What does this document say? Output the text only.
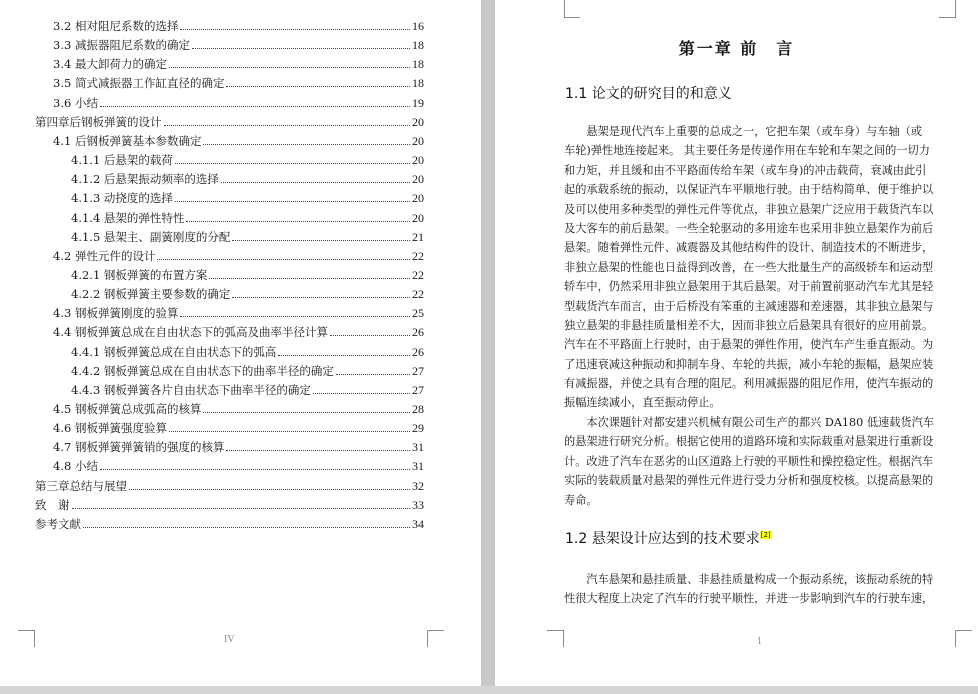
3.2 相对阻尼系数的选择	16
3.3 减振器阻尼系数的确定	18
3.4 最大卸荷力的确定	18
3.5 简式减振器工作缸直径的确定	18
3.6 小结	19
第四章后钢板弹簧的设计	20
4.1 后钢板弹簧基本参数确定	20
4.1.1 后悬架的载荷	20
4.1.2 后悬架振动频率的选择	20
4.1.3 动挠度的选择	20
4.1.4 悬架的弹性特性	20
4.1.5 悬架主、副簧刚度的分配	21
4.2 弹性元件的设计	22
4.2.1 钢板弹簧的布置方案	22
4.2.2 钢板弹簧主要参数的确定	22
4.3 钢板弹簧刚度的验算	25
4.4 钢板弹簧总成在自由状态下的弧高及曲率半径计算	26
4.4.1 钢板弹簧总成在自由状态下的弧高	26
4.4.2 钢板弹簧总成在自由状态下的曲率半径的确定	27
4.4.3 钢板弹簧各片自由状态下曲率半径的确定	27
4.5 钢板弹簧总成弧高的核算	28
4.6 钢板弹簧强度验算	29
4.7 钢板弹簧弹簧销的强度的核算	31
4.8 小结	31
第三章总结与展望	32
致　谢	33
参考文献	34
IV
第一章 前　言
1.1 论文的研究目的和意义
　　悬架是现代汽车上重要的总成之一，它把车架（或车身）与车轴（或
车轮)弹性地连接起来。 其主要任务是传递作用在车轮和车架之间的一切力
和力矩，并且缓和由不平路面传给车架（或车身)的冲击载荷，衰减由此引
起的承载系统的振动，以保证汽车平顺地行驶。由于结构简单、便于维护以
及可以使用多种类型的弹性元件等优点，非独立悬架广泛应用于载货汽车以
及大客车的前后悬架。一些全轮驱动的多用途车也采用非独立悬架作为前后
悬架。随着弹性元件、减震器及其他结构件的设计、制造技术的不断进步，
非独立悬架的性能也日益得到改善，在一些大批量生产的高级轿车和运动型
轿车中，仍然采用非独立悬架用于其后悬架。对于前置前驱动汽车尤其是轻
型载货汽车而言，由于后桥没有笨重的主减速器和差速器，其非独立悬架与
独立悬架的非悬挂质量相差不大，因而非独立后悬架具有很好的应用前景。
汽车在不平路面上行驶时，由于悬架的弹性作用，使汽车产生垂直振动。为
了迅速衰减这种振动和抑制车身、车轮的共振，减小车轮的振幅，悬架应装
有减振器，并使之具有合理的阻尼。利用减振器的阻尼作用，使汽车振动的
振幅连续减小，直至振动停止。
　　本次课题针对都安建兴机械有限公司生产的都兴 DA180 低速载货汽车
的悬架进行研究分析。根据它使用的道路环境和实际载重对悬架进行重新设
计。改进了汽车在恶劣的山区道路上行驶的平顺性和操控稳定性。根据汽车
实际的装载质量对悬架的弹性元件进行受力分析和强度校核。以提高悬架的
寿命。
1.2 悬架设计应达到的技术要求[2]
　　汽车悬架和悬挂质量、非悬挂质量构成一个振动系统，该振动系统的特
性很大程度上决定了汽车的行驶平顺性，并进一步影响到汽车的行驶车速，
1
